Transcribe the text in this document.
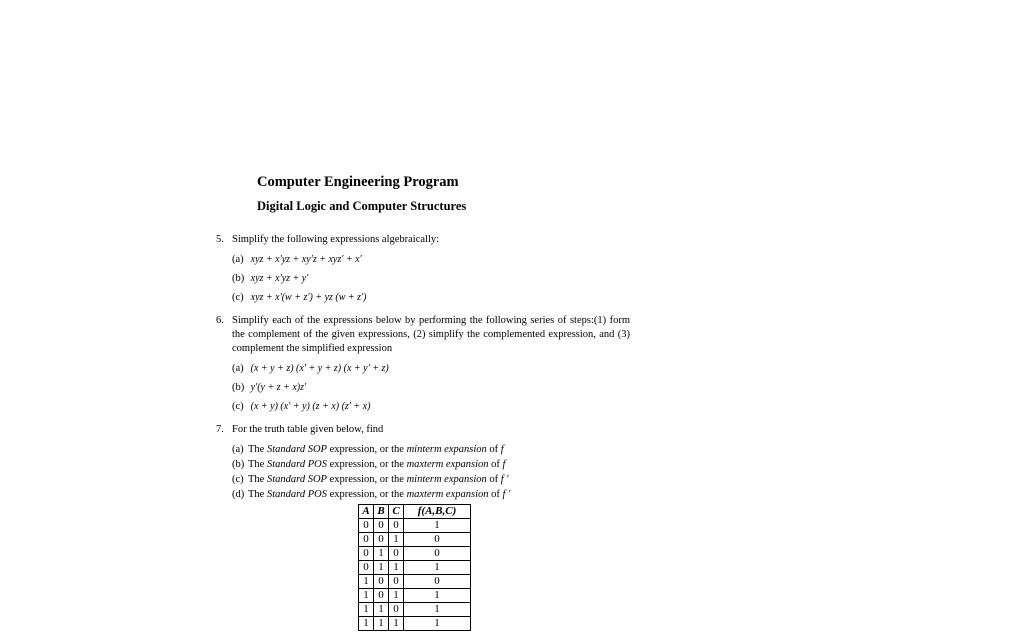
Computer Engineering Program
Digital Logic and Computer Structures
5. Simplify the following expressions algebraically:
(a) xyz + x'yz + xy'z + xyz' + x'
(b) xyz + x'yz + y'
(c) xyz + x'(w + z') + yz (w + z')
6. Simplify each of the expressions below by performing the following series of steps:(1) form the complement of the given expressions, (2) simplify the complemented expression, and (3) complement the simplified expression
(a) (x + y + z) (x' + y + z) (x + y' + z)
(b) y'(y + z + x)z'
(c) (x + y) (x' + y) (z + x) (z' + x)
7. For the truth table given below, find
(a) The Standard SOP expression, or the minterm expansion of f
(b) The Standard POS expression, or the maxterm expansion of f
(c) The Standard SOP expression, or the minterm expansion of f '
(d) The Standard POS expression, or the maxterm expansion of f '
A	B	C	f(A,B,C)
0	0	0	1
0	0	1	0
0	1	0	0
0	1	1	1
1	0	0	0
1	0	1	1
1	1	0	1
1	1	1	1
